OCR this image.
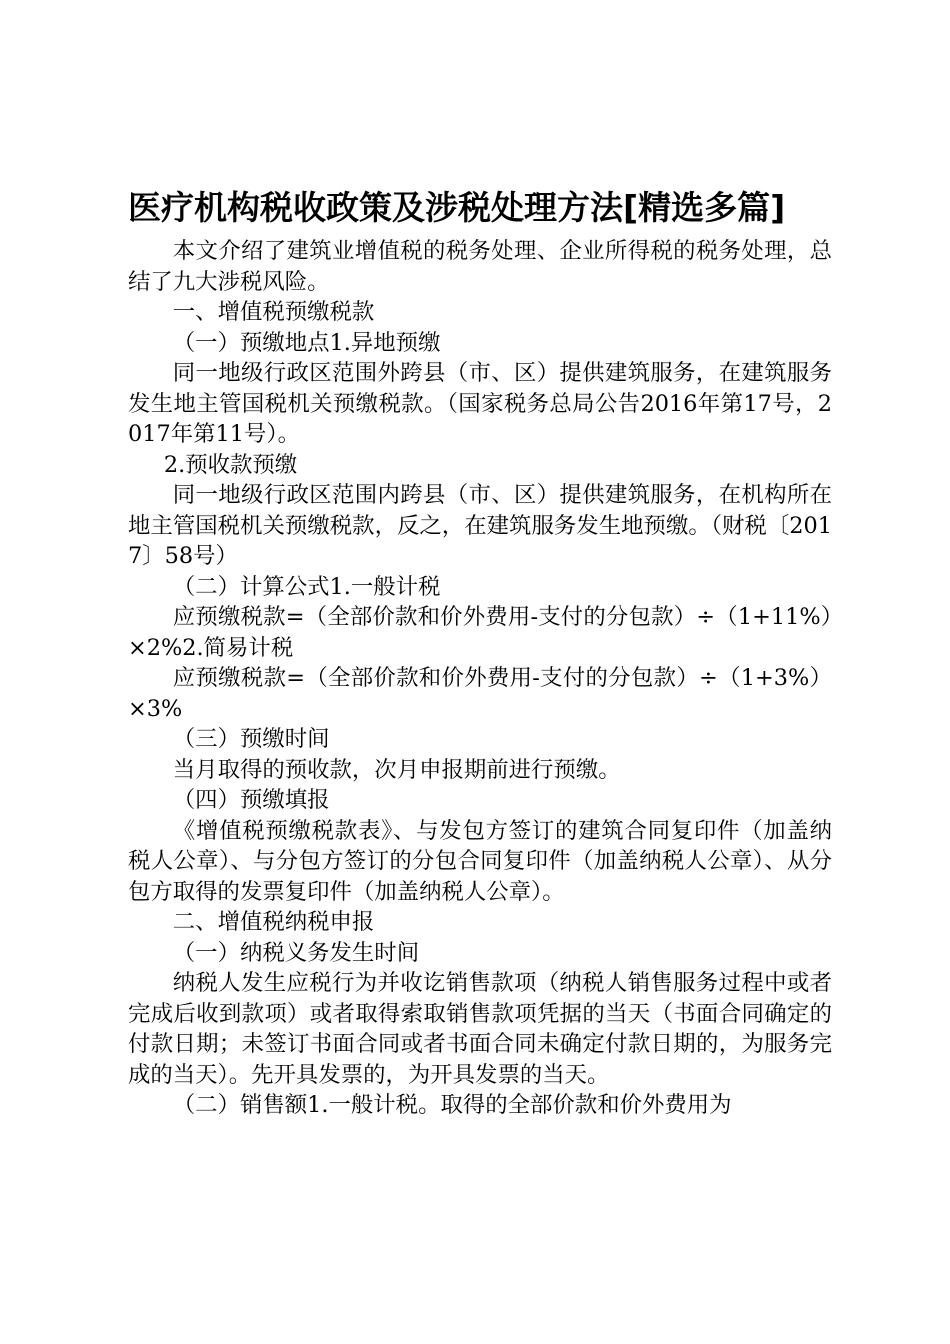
医疗机构税收政策及涉税处理方法[精选多篇]

本文介绍了建筑业增值税的税务处理、企业所得税的税务处理，总结了九大涉税风险。

一、增值税预缴税款

（一）预缴地点1.异地预缴

同一地级行政区范围外跨县（市、区）提供建筑服务，在建筑服务发生地主管国税机关预缴税款。（国家税务总局公告2016年第17号，2017年第11号）。

2.预收款预缴

同一地级行政区范围内跨县（市、区）提供建筑服务，在机构所在地主管国税机关预缴税款，反之，在建筑服务发生地预缴。（财税〔2017〕58号）

（二）计算公式1.一般计税

应预缴税款=（全部价款和价外费用-支付的分包款）÷（1+11%）×2%2.简易计税

应预缴税款=（全部价款和价外费用-支付的分包款）÷（1+3%）×3%

（三）预缴时间

当月取得的预收款，次月申报期前进行预缴。

（四）预缴填报

《增值税预缴税款表》、与发包方签订的建筑合同复印件（加盖纳税人公章）、与分包方签订的分包合同复印件（加盖纳税人公章）、从分包方取得的发票复印件（加盖纳税人公章）。

二、增值税纳税申报

（一）纳税义务发生时间

纳税人发生应税行为并收讫销售款项（纳税人销售服务过程中或者完成后收到款项）或者取得索取销售款项凭据的当天（书面合同确定的付款日期；未签订书面合同或者书面合同未确定付款日期的，为服务完成的当天）。先开具发票的，为开具发票的当天。

（二）销售额1.一般计税。取得的全部价款和价外费用为
